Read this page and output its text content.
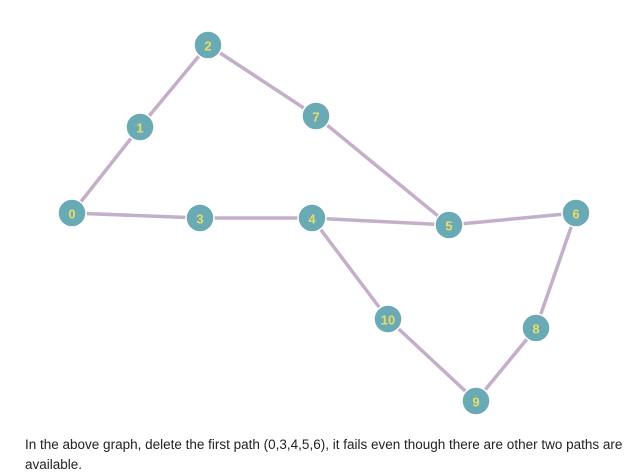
0
1
2
3	4	5
6
7
8
9
10

In the above graph, delete the first path (0,3,4,5,6), it fails even though there are other two paths are available.
